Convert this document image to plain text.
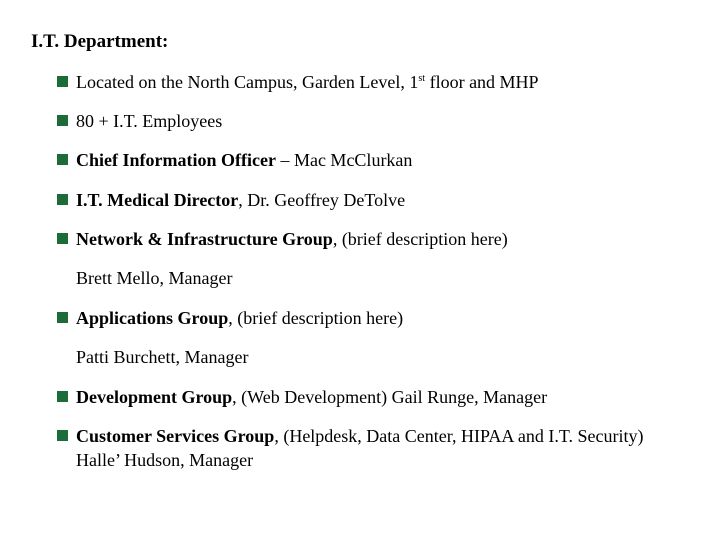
I.T. Department:
Located on the North Campus, Garden Level, 1st floor and MHP
80 + I.T. Employees
Chief Information Officer – Mac McClurkan
I.T. Medical Director, Dr. Geoffrey DeTolve
Network & Infrastructure Group, (brief description here)
Brett Mello, Manager
Applications Group, (brief description here)
Patti Burchett, Manager
Development Group, (Web Development) Gail Runge, Manager
Customer Services Group, (Helpdesk, Data Center, HIPAA and I.T. Security) Halle’ Hudson, Manager
